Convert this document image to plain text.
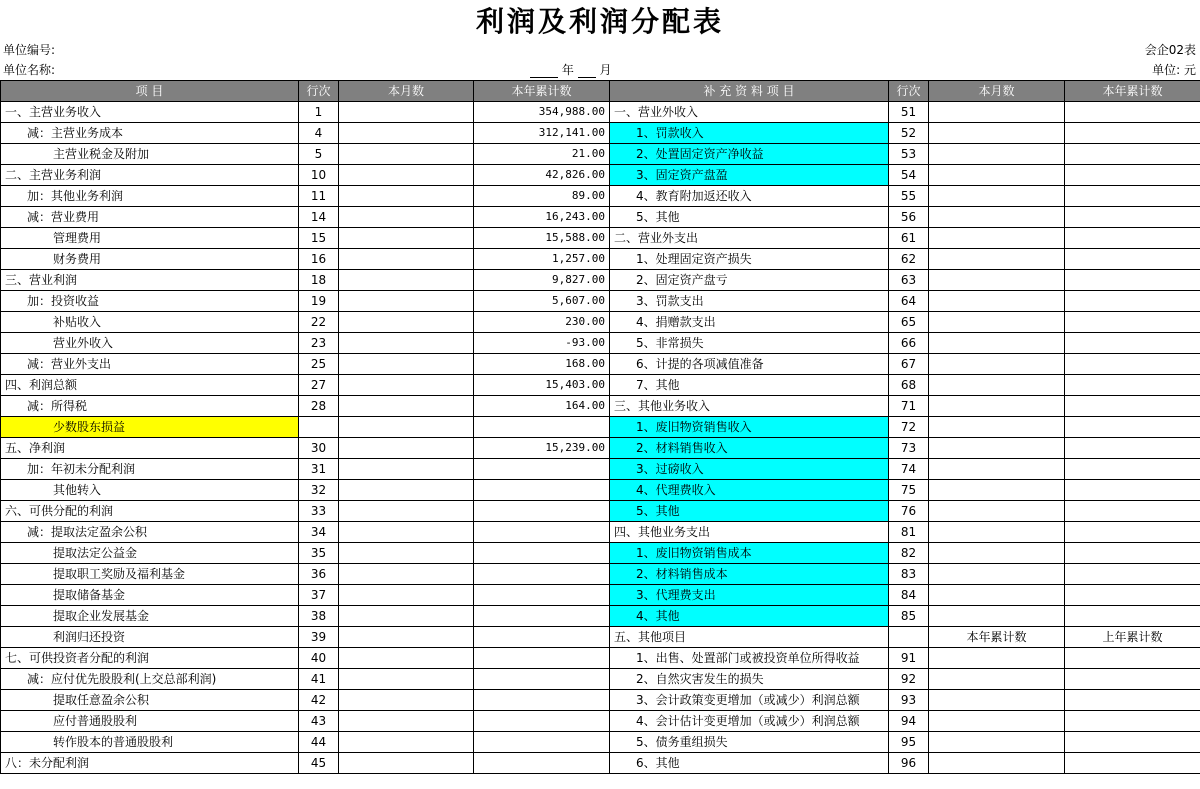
利润及利润分配表
单位编号:	会企02表
单位名称:	年 月	单位: 元
项 目	行次	本月数	本年累计数	补 充 资 料 项 目	行次	本月数	本年累计数
一、主营业务收入	1		354,988.00	一、营业外收入	51		
减：主营业务成本	4		312,141.00	1、罚款收入	52		
主营业税金及附加	5		21.00	2、处置固定资产净收益	53		
二、主营业务利润	10		42,826.00	3、固定资产盘盈	54		
加：其他业务利润	11		89.00	4、教育附加返还收入	55		
减：营业费用	14		16,243.00	5、其他	56		
管理费用	15		15,588.00	二、营业外支出	61		
财务费用	16		1,257.00	1、处理固定资产损失	62		
三、营业利润	18		9,827.00	2、固定资产盘亏	63		
加：投资收益	19		5,607.00	3、罚款支出	64		
补贴收入	22		230.00	4、捐赠款支出	65		
营业外收入	23		-93.00	5、非常损失	66		
减：营业外支出	25		168.00	6、计提的各项减值准备	67		
四、利润总额	27		15,403.00	7、其他	68		
减：所得税	28		164.00	三、其他业务收入	71		
少数股东损益				1、废旧物资销售收入	72		
五、净利润	30		15,239.00	2、材料销售收入	73		
加：年初未分配利润	31			3、过磅收入	74		
其他转入	32			4、代理费收入	75		
六、可供分配的利润	33			5、其他	76		
减：提取法定盈余公积	34			四、其他业务支出	81		
提取法定公益金	35			1、废旧物资销售成本	82		
提取职工奖励及福利基金	36			2、材料销售成本	83		
提取储备基金	37			3、代理费支出	84		
提取企业发展基金	38			4、其他	85		
利润归还投资	39			五、其他项目		本年累计数	上年累计数
七、可供投资者分配的利润	40			1、出售、处置部门或被投资单位所得收益	91		
减：应付优先股股利(上交总部利润)	41			2、自然灾害发生的损失	92		
提取任意盈余公积	42			3、会计政策变更增加（或减少）利润总额	93		
应付普通股股利	43			4、会计估计变更增加（或减少）利润总额	94		
转作股本的普通股股利	44			5、债务重组损失	95		
八：未分配利润	45			6、其他	96		
